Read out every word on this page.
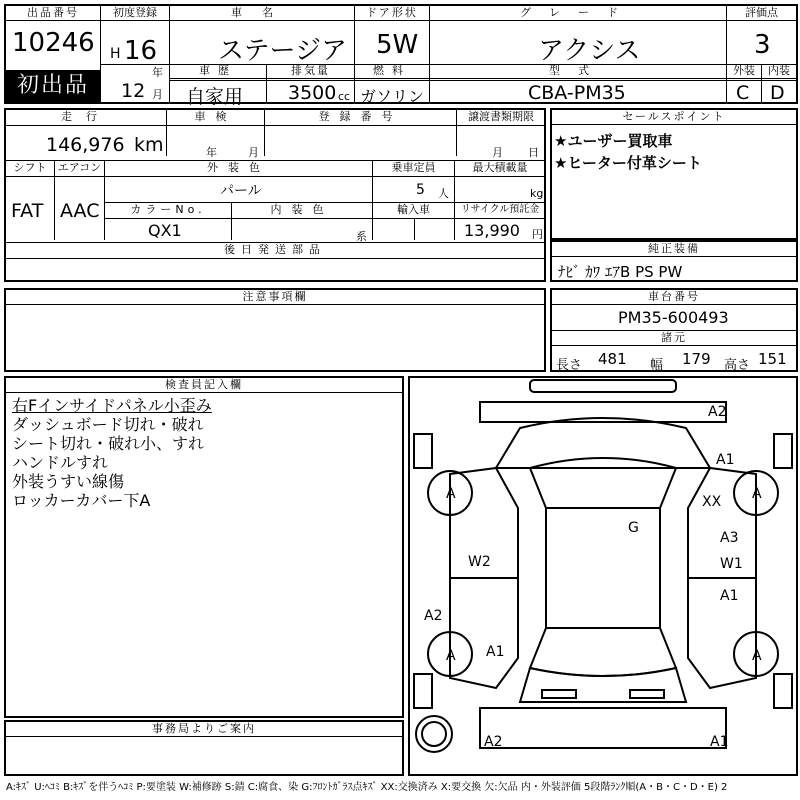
出品番号
10246
初出品
初度登録
H 16
年
12 月
車名
ステージア
ドア形状
5W
グレード
アクシス
評価点
3
車歴
自家用
排気量
3500 cc
燃料
ガソリン
型式
CBA-PM35
外装
C
内装
D
走行
146,976 km
車検
年	月
登録番号	譲渡書類期限
月 日
シフト
FAT
エアコン
AAC
外装色
パール
乗車定員
5 人
最大積載量
kg
カラーNo.
QX1
内装色
系
輸入車	リサイクル預託金
13,990 円
後日発送部品
セールスポイント
★ユーザー買取車
★ヒーター付革シート
純正装備
ﾅﾋﾞ ｶﾜ ｴｱB PS PW
注意事項欄	車台番号
PM35-600493
諸元
長さ 481 幅 179 高さ 151
検査員記入欄
右Fインサイドパネル小歪み
ダッシュボード切れ・破れ
シート切れ・破れ小、すれ
ハンドルすれ
外装うすい線傷
ロッカーカバー下A
事務局よりご案内
A2
A1
A	XX A
G
A3
W2	W1
A1
A2
A A1	A
A2	A1
A:ｷｽﾞ U:ﾍｺﾐ B:ｷｽﾞを伴うﾍｺﾐ P:要塗装 W:補修跡 S:錆 C:腐食、染 G:ﾌﾛﾝﾄｶﾞﾗｽ点ｷｽﾞ XX:交換済み X:要交換 欠:欠品 内・外装評価 5段階ﾗﾝｸ順(A・B・C・D・E) 2
